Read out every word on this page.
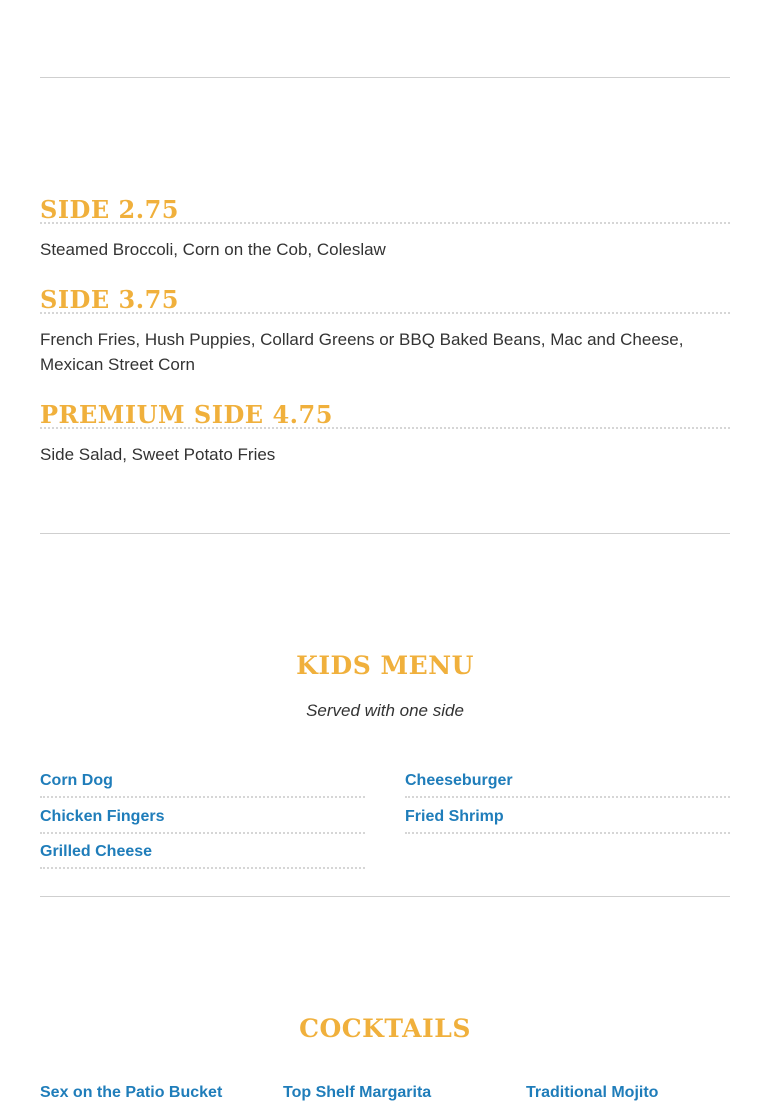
SIDE 2.75
Steamed Broccoli, Corn on the Cob, Coleslaw
SIDE 3.75
French Fries, Hush Puppies, Collard Greens or BBQ Baked Beans, Mac and Cheese, Mexican Street Corn
PREMIUM SIDE 4.75
Side Salad, Sweet Potato Fries
KIDS MENU
Served with one side
Corn Dog	Cheeseburger
Chicken Fingers	Fried Shrimp
Grilled Cheese
COCKTAILS
Sex on the Patio Bucket	Top Shelf Margarita	Traditional Mojito
